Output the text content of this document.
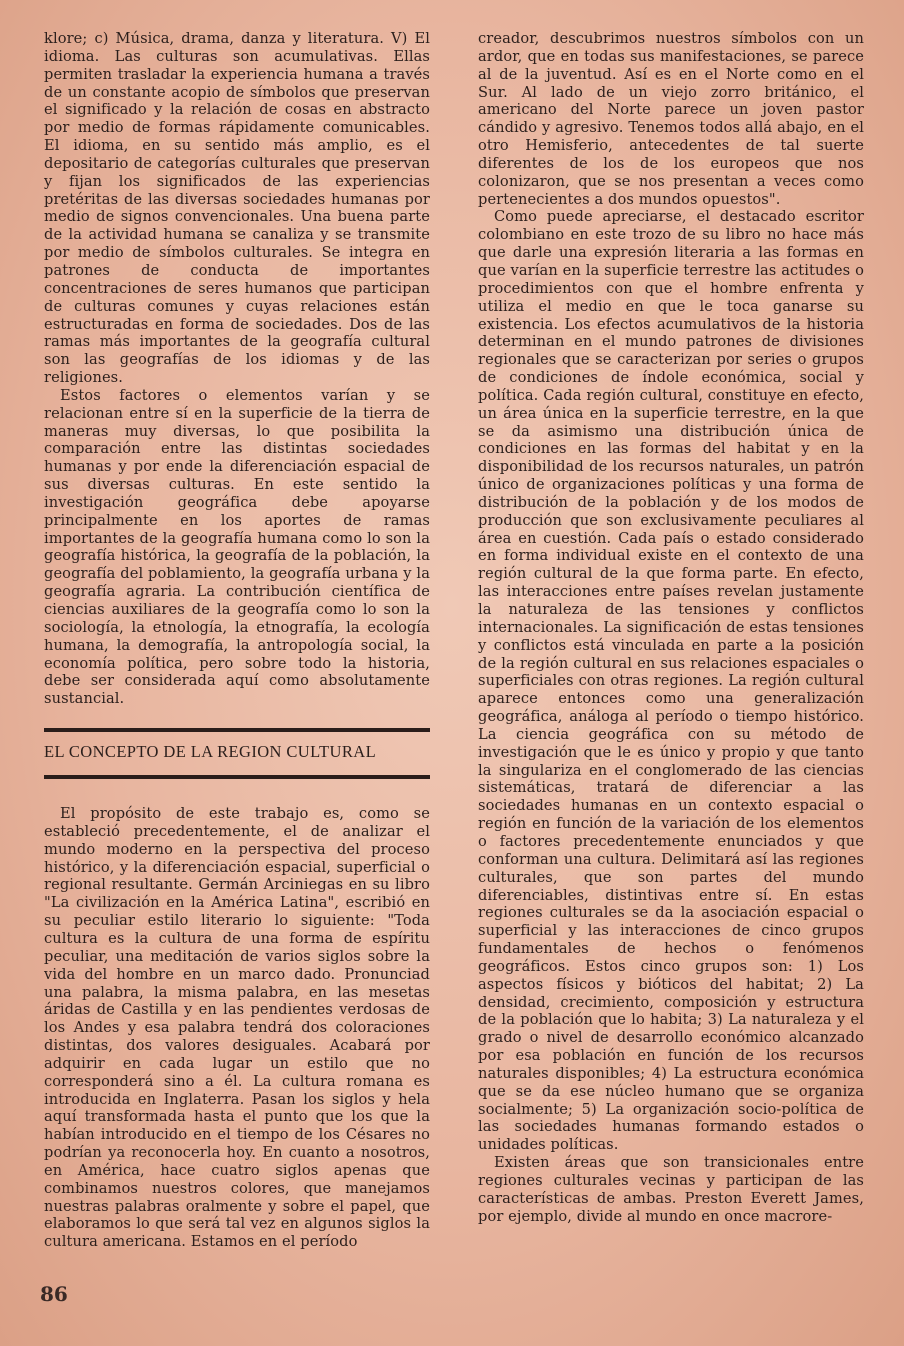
klore; c) Música, drama, danza y literatura. V) El idioma. Las culturas son acumulativas. Ellas permiten trasladar la experiencia humana a través de un constante acopio de símbolos que preservan el significado y la relación de cosas en abstracto por medio de formas rápidamente comunicables. El idioma, en su sentido más amplio, es el depositario de categorías culturales que preservan y fijan los significados de las experiencias pretéritas de las diversas sociedades humanas por medio de signos convencionales. Una buena parte de la actividad humana se canaliza y se transmite por medio de símbolos culturales. Se integra en patrones de conducta de importantes concentraciones de seres humanos que participan de culturas comunes y cuyas relaciones están estructuradas en forma de sociedades. Dos de las ramas más importantes de la geografía cultural son las geografías de los idiomas y de las religiones.

Estos factores o elementos varían y se relacionan entre sí en la superficie de la tierra de maneras muy diversas, lo que posibilita la comparación entre las distintas sociedades humanas y por ende la diferenciación espacial de sus diversas culturas. En este sentido la investigación geográfica debe apoyarse principalmente en los aportes de ramas importantes de la geografía humana como lo son la geografía histórica, la geografía de la población, la geografía del poblamiento, la geografía urbana y la geografía agraria. La contribución científica de ciencias auxiliares de la geografía como lo son la sociología, la etnología, la etnografía, la ecología humana, la demografía, la antropología social, la economía política, pero sobre todo la historia, debe ser considerada aquí como absolutamente sustancial.

EL CONCEPTO DE LA REGION CULTURAL

El propósito de este trabajo es, como se estableció precedentemente, el de analizar el mundo moderno en la perspectiva del proceso histórico, y la diferenciación espacial, superficial o regional resultante. Germán Arciniegas en su libro "La civilización en la América Latina", escribió en su peculiar estilo literario lo siguiente: "Toda cultura es la cultura de una forma de espíritu peculiar, una meditación de varios siglos sobre la vida del hombre en un marco dado. Pronunciad una palabra, la misma palabra, en las mesetas áridas de Castilla y en las pendientes verdosas de los Andes y esa palabra tendrá dos coloraciones distintas, dos valores desiguales. Acabará por adquirir en cada lugar un estilo que no corresponderá sino a él. La cultura romana es introducida en Inglaterra. Pasan los siglos y hela aquí transformada hasta el punto que los que la habían introducido en el tiempo de los Césares no podrían ya reconocerla hoy. En cuanto a nosotros, en América, hace cuatro siglos apenas que combinamos nuestros colores, que manejamos nuestras palabras oralmente y sobre el papel, que elaboramos lo que será tal vez en algunos siglos la cultura americana. Estamos en el período

creador, descubrimos nuestros símbolos con un ardor, que en todas sus manifestaciones, se parece al de la juventud. Así es en el Norte como en el Sur. Al lado de un viejo zorro británico, el americano del Norte parece un joven pastor cándido y agresivo. Tenemos todos allá abajo, en el otro Hemisferio, antecedentes de tal suerte diferentes de los de los europeos que nos colonizaron, que se nos presentan a veces como pertenecientes a dos mundos opuestos".

Como puede apreciarse, el destacado escritor colombiano en este trozo de su libro no hace más que darle una expresión literaria a las formas en que varían en la superficie terrestre las actitudes o procedimientos con que el hombre enfrenta y utiliza el medio en que le toca ganarse su existencia. Los efectos acumulativos de la historia determinan en el mundo patrones de divisiones regionales que se caracterizan por series o grupos de condiciones de índole económica, social y política. Cada región cultural, constituye en efecto, un área única en la superficie terrestre, en la que se da asimismo una distribución única de condiciones en las formas del habitat y en la disponibilidad de los recursos naturales, un patrón único de organizaciones políticas y una forma de distribución de la población y de los modos de producción que son exclusivamente peculiares al área en cuestión. Cada país o estado considerado en forma individual existe en el contexto de una región cultural de la que forma parte. En efecto, las interacciones entre países revelan justamente la naturaleza de las tensiones y conflictos internacionales. La significación de estas tensiones y conflictos está vinculada en parte a la posición de la región cultural en sus relaciones espaciales o superficiales con otras regiones. La región cultural aparece entonces como una generalización geográfica, análoga al período o tiempo histórico. La ciencia geográfica con su método de investigación que le es único y propio y que tanto la singulariza en el conglomerado de las ciencias sistemáticas, tratará de diferenciar a las sociedades humanas en un contexto espacial o región en función de la variación de los elementos o factores precedentemente enunciados y que conforman una cultura. Delimitará así las regiones culturales, que son partes del mundo diferenciables, distintivas entre sí. En estas regiones culturales se da la asociación espacial o superficial y las interacciones de cinco grupos fundamentales de hechos o fenómenos geográficos. Estos cinco grupos son: 1) Los aspectos físicos y bióticos del habitat; 2) La densidad, crecimiento, composición y estructura de la población que lo habita; 3) La naturaleza y el grado o nivel de desarrollo económico alcanzado por esa población en función de los recursos naturales disponibles; 4) La estructura económica que se da ese núcleo humano que se organiza socialmente; 5) La organización socio-política de las sociedades humanas formando estados o unidades políticas.

Existen áreas que son transicionales entre regiones culturales vecinas y participan de las características de ambas. Preston Everett James, por ejemplo, divide al mundo en once macrore-

86
